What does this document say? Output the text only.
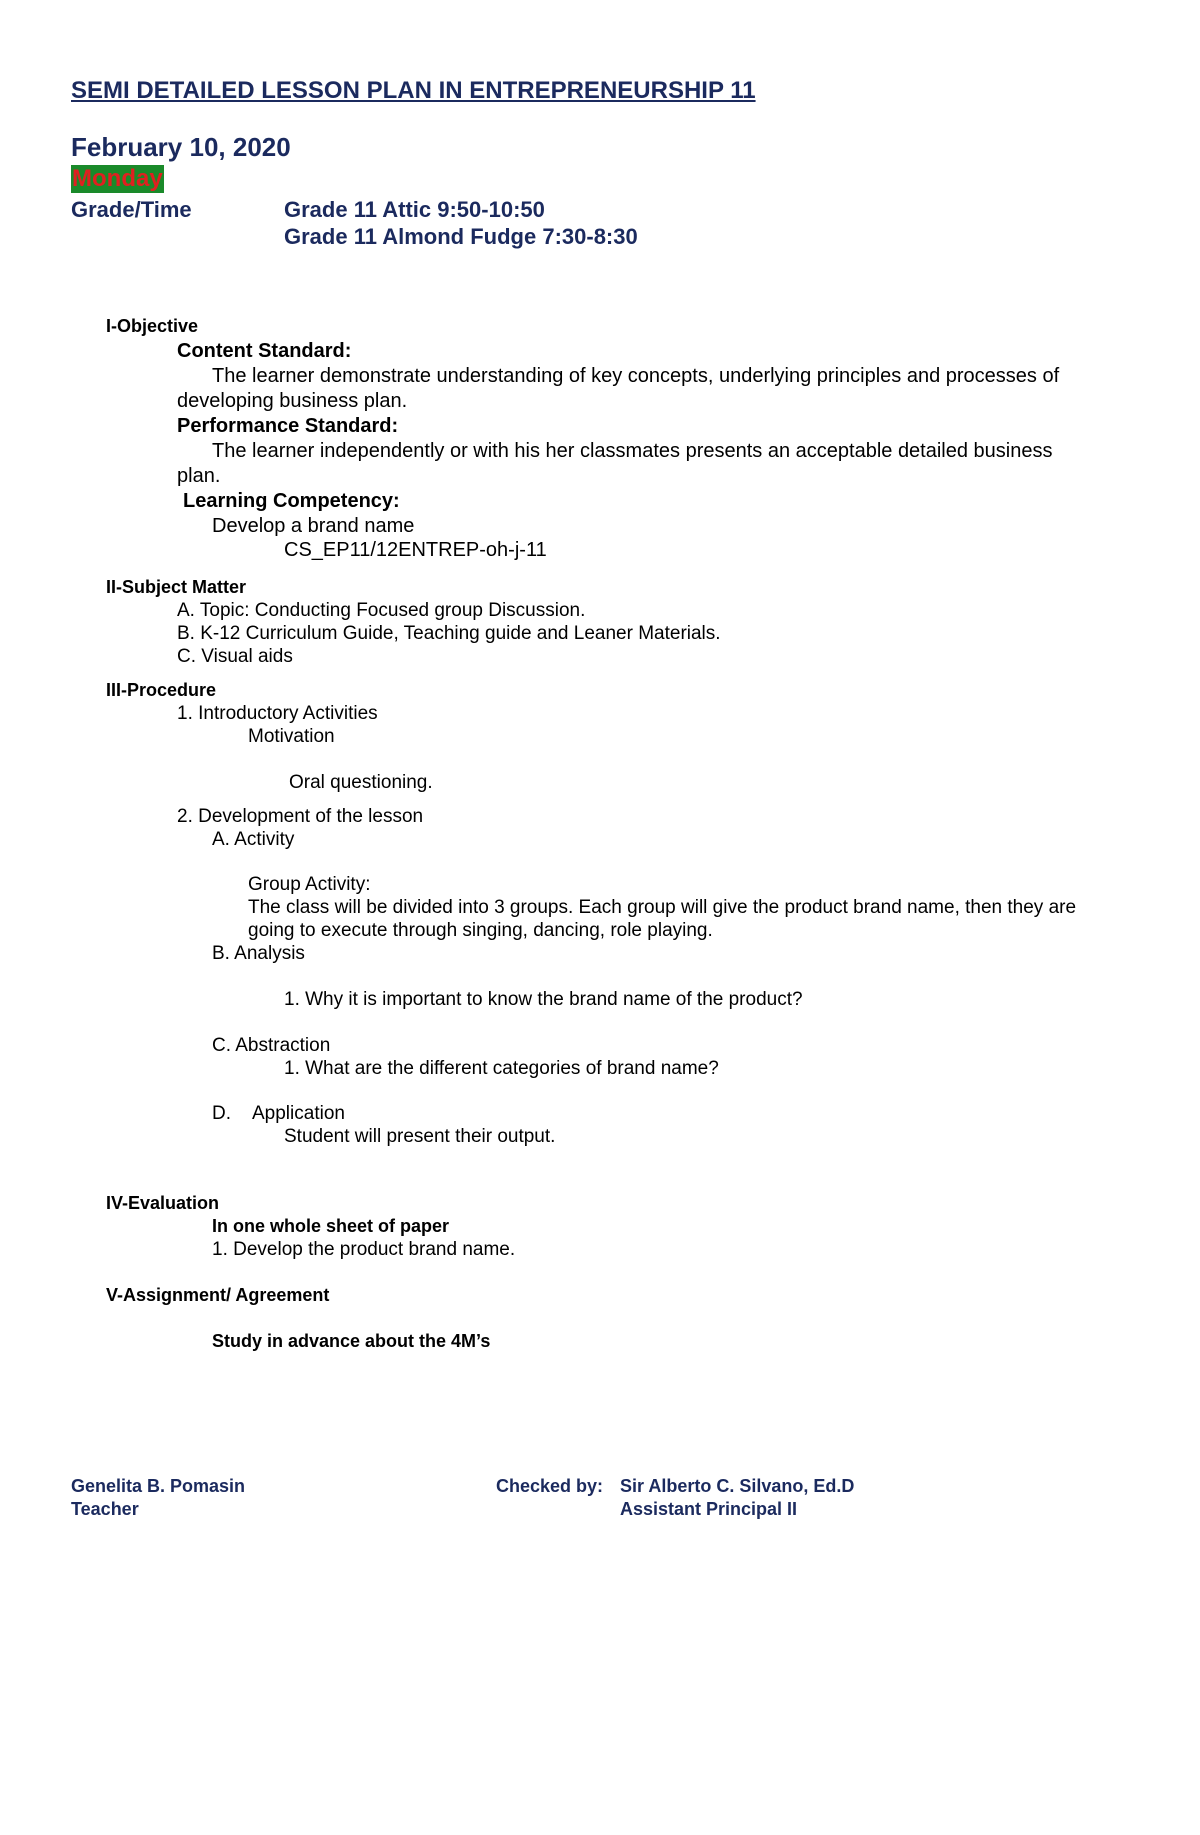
SEMI DETAILED LESSON PLAN IN ENTREPRENEURSHIP 11
February 10, 2020
Monday
Grade/Time	Grade 11 Attic 9:50-10:50
Grade 11 Almond Fudge 7:30-8:30
I-Objective
Content Standard:
The learner demonstrate understanding of key concepts, underlying principles and processes of
developing business plan.
Performance Standard:
The learner independently or with his her classmates presents an acceptable detailed business
plan.
Learning Competency:
Develop a brand name
CS_EP11/12ENTREP-oh-j-11
II-Subject Matter
A. Topic: Conducting Focused group Discussion.
B. K-12 Curriculum Guide, Teaching guide and Leaner Materials.
C. Visual aids
III-Procedure
1. Introductory Activities
Motivation
Oral questioning.
2. Development of the lesson
A. Activity
Group Activity:
The class will be divided into 3 groups. Each group will give the product brand name, then they are
going to execute through singing, dancing, role playing.
B. Analysis
1. Why it is important to know the brand name of the product?
C. Abstraction
1. What are the different categories of brand name?
D. Application
Student will present their output.
IV-Evaluation
In one whole sheet of paper
1. Develop the product brand name.
V-Assignment/ Agreement
Study in advance about the 4M’s
Genelita B. Pomasin
Teacher
Checked by: Sir Alberto C. Silvano, Ed.D
Assistant Principal II
